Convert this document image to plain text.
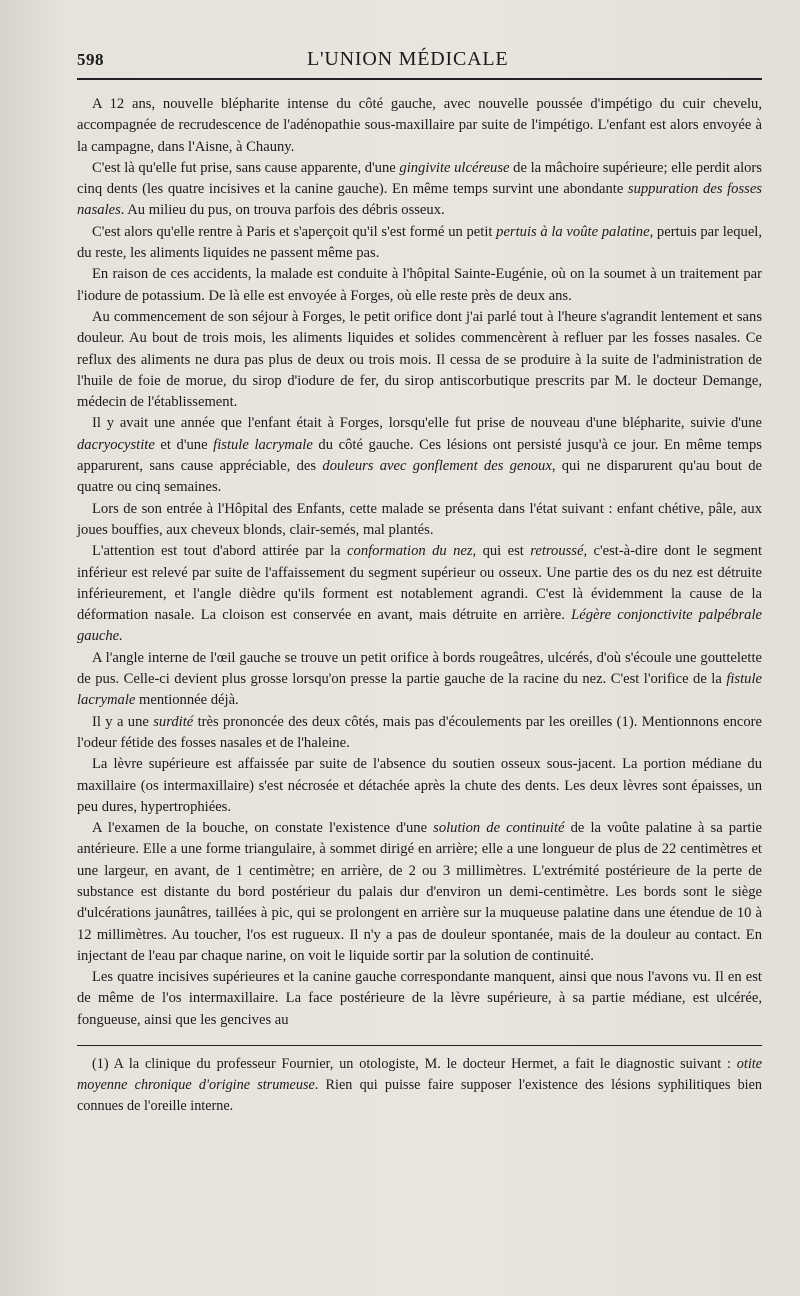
598	L'UNION MÉDICALE

A 12 ans, nouvelle blépharite intense du côté gauche, avec nouvelle poussée d'impétigo du cuir chevelu, accompagnée de recrudescence de l'adénopathie sous-maxillaire par suite de l'impétigo. L'enfant est alors envoyée à la campagne, dans l'Aisne, à Chauny.

C'est là qu'elle fut prise, sans cause apparente, d'une gingivite ulcéreuse de la mâchoire supérieure; elle perdit alors cinq dents (les quatre incisives et la canine gauche). En même temps survint une abondante suppuration des fosses nasales. Au milieu du pus, on trouva parfois des débris osseux.

C'est alors qu'elle rentre à Paris et s'aperçoit qu'il s'est formé un petit pertuis à la voûte palatine, pertuis par lequel, du reste, les aliments liquides ne passent même pas.

En raison de ces accidents, la malade est conduite à l'hôpital Sainte-Eugénie, où on la soumet à un traitement par l'iodure de potassium. De là elle est envoyée à Forges, où elle reste près de deux ans.

Au commencement de son séjour à Forges, le petit orifice dont j'ai parlé tout à l'heure s'agrandit lentement et sans douleur. Au bout de trois mois, les aliments liquides et solides commencèrent à refluer par les fosses nasales. Ce reflux des aliments ne dura pas plus de deux ou trois mois. Il cessa de se produire à la suite de l'administration de l'huile de foie de morue, du sirop d'iodure de fer, du sirop antiscorbutique prescrits par M. le docteur Demange, médecin de l'établissement.

Il y avait une année que l'enfant était à Forges, lorsqu'elle fut prise de nouveau d'une blépharite, suivie d'une dacryocystite et d'une fistule lacrymale du côté gauche. Ces lésions ont persisté jusqu'à ce jour. En même temps apparurent, sans cause appréciable, des douleurs avec gonflement des genoux, qui ne disparurent qu'au bout de quatre ou cinq semaines.

Lors de son entrée à l'Hôpital des Enfants, cette malade se présenta dans l'état suivant : enfant chétive, pâle, aux joues bouffies, aux cheveux blonds, clair-semés, mal plantés.

L'attention est tout d'abord attirée par la conformation du nez, qui est retroussé, c'est-à-dire dont le segment inférieur est relevé par suite de l'affaissement du segment supérieur ou osseux. Une partie des os du nez est détruite inférieurement, et l'angle dièdre qu'ils forment est notablement agrandi. C'est là évidemment la cause de la déformation nasale. La cloison est conservée en avant, mais détruite en arrière. Légère conjonctivite palpébrale gauche.

A l'angle interne de l'œil gauche se trouve un petit orifice à bords rougeâtres, ulcérés, d'où s'écoule une gouttelette de pus. Celle-ci devient plus grosse lorsqu'on presse la partie gauche de la racine du nez. C'est l'orifice de la fistule lacrymale mentionnée déjà.

Il y a une surdité très prononcée des deux côtés, mais pas d'écoulements par les oreilles (1). Mentionnons encore l'odeur fétide des fosses nasales et de l'haleine.

La lèvre supérieure est affaissée par suite de l'absence du soutien osseux sous-jacent. La portion médiane du maxillaire (os intermaxillaire) s'est nécrosée et détachée après la chute des dents. Les deux lèvres sont épaisses, un peu dures, hypertrophiées.

A l'examen de la bouche, on constate l'existence d'une solution de continuité de la voûte palatine à sa partie antérieure. Elle a une forme triangulaire, à sommet dirigé en arrière; elle a une longueur de plus de 22 centimètres et une largeur, en avant, de 1 centimètre; en arrière, de 2 ou 3 millimètres. L'extrémité postérieure de la perte de substance est distante du bord postérieur du palais dur d'environ un demi-centimètre. Les bords sont le siège d'ulcérations jaunâtres, taillées à pic, qui se prolongent en arrière sur la muqueuse palatine dans une étendue de 10 à 12 millimètres. Au toucher, l'os est rugueux. Il n'y a pas de douleur spontanée, mais de la douleur au contact. En injectant de l'eau par chaque narine, on voit le liquide sortir par la solution de continuité.

Les quatre incisives supérieures et la canine gauche correspondante manquent, ainsi que nous l'avons vu. Il en est de même de l'os intermaxillaire. La face postérieure de la lèvre supérieure, à sa partie médiane, est ulcérée, fongueuse, ainsi que les gencives au

(1) A la clinique du professeur Fournier, un otologiste, M. le docteur Hermet, a fait le diagnostic suivant : otite moyenne chronique d'origine strumeuse. Rien qui puisse faire supposer l'existence des lésions syphilitiques bien connues de l'oreille interne.
